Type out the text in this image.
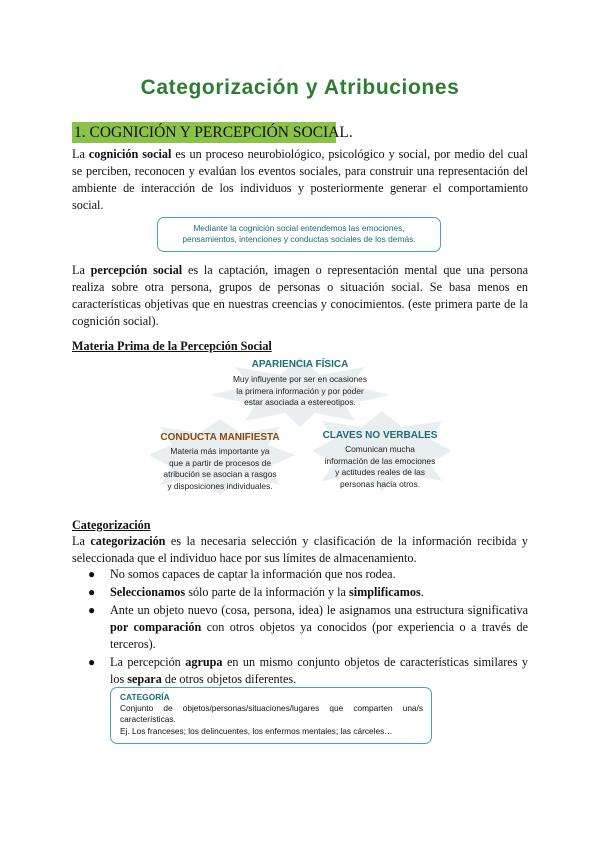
Categorización y Atribuciones
1. COGNICIÓN Y PERCEPCIÓN SOCIAL.
La cognición social es un proceso neurobiológico, psicológico y social, por medio del cual se perciben, reconocen y evalúan los eventos sociales, para construir una representación del ambiente de interacción de los individuos y posteriormente generar el comportamiento social.
Mediante la cognición social entendemos las emociones,
pensamientos, intenciones y conductas sociales de los demás.
La percepción social es la captación, imagen o representación mental que una persona realiza sobre otra persona, grupos de personas o situación social. Se basa menos en características objetivas que en nuestras creencias y conocimientos. (este primera parte de la cognición social).
Materia Prima de la Percepción Social
APARIENCIA FÍSICA
Muy influyente por ser en ocasiones
la primera información y por poder
estar asociada a estereotipos.
CONDUCTA MANIFIESTA
Materia más importante ya
que a partir de procesos de
atribución se asocian a rasgos
y disposiciones individuales.
CLAVES NO VERBALES
Comunican mucha
información de las emociones
y actitudes reales de las
personas hacia otros.
Categorización
La categorización es la necesaria selección y clasificación de la información recibida y seleccionada que el individuo hace por sus límites de almacenamiento.
● No somos capaces de captar la información que nos rodea.
● Seleccionamos sólo parte de la información y la simplificamos.
● Ante un objeto nuevo (cosa, persona, idea) le asignamos una estructura significativa por comparación con otros objetos ya conocidos (por experiencia o a través de terceros).
● La percepción agrupa en un mismo conjunto objetos de características similares y los separa de otros objetos diferentes.
CATEGORÍA
Conjunto de objetos/personas/situaciones/lugares que comparten una/s características.
Ej. Los franceses; los delincuentes, los enfermos mentales; las cárceles…
